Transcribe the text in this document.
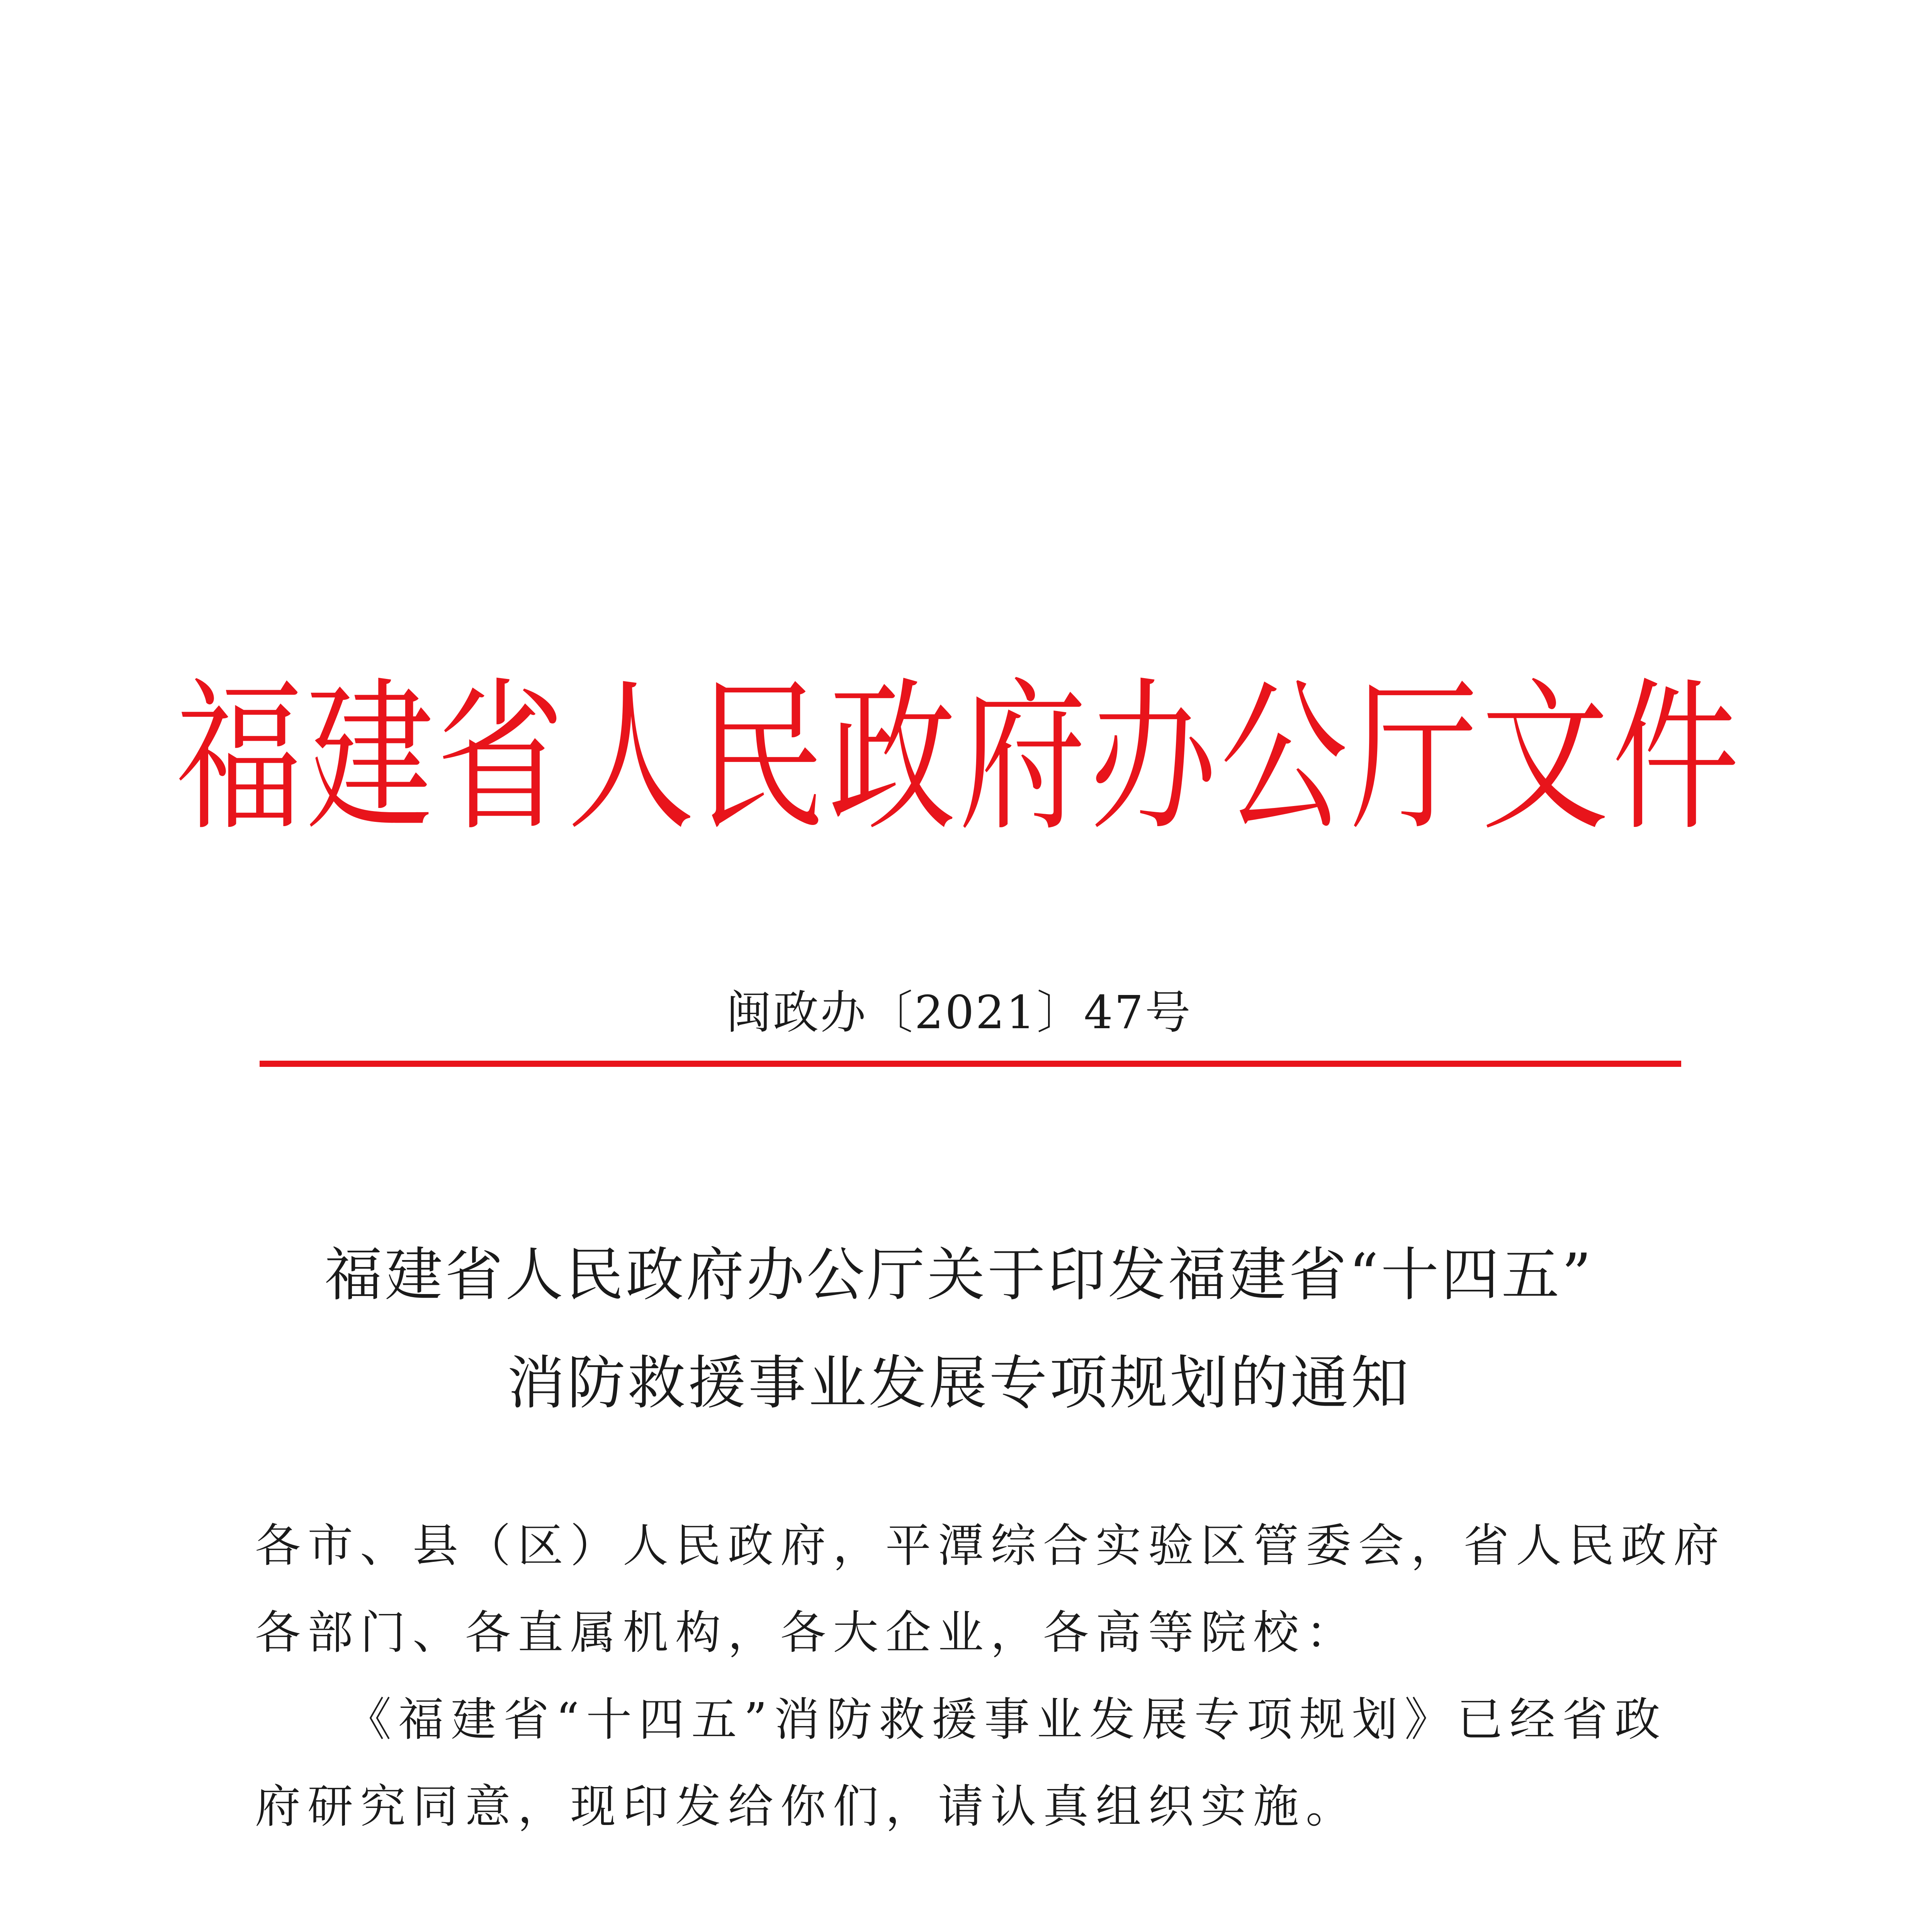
福建省人民政府办公厅文件
闽政办〔2021〕47号
福建省人民政府办公厅关于印发福建省“十四五”
消防救援事业发展专项规划的通知
各市、县（区）人民政府，平潭综合实验区管委会，省人民政府
各部门、各直属机构，各大企业，各高等院校：
《福建省“十四五”消防救援事业发展专项规划》已经省政
府研究同意，现印发给你们，请认真组织实施。
